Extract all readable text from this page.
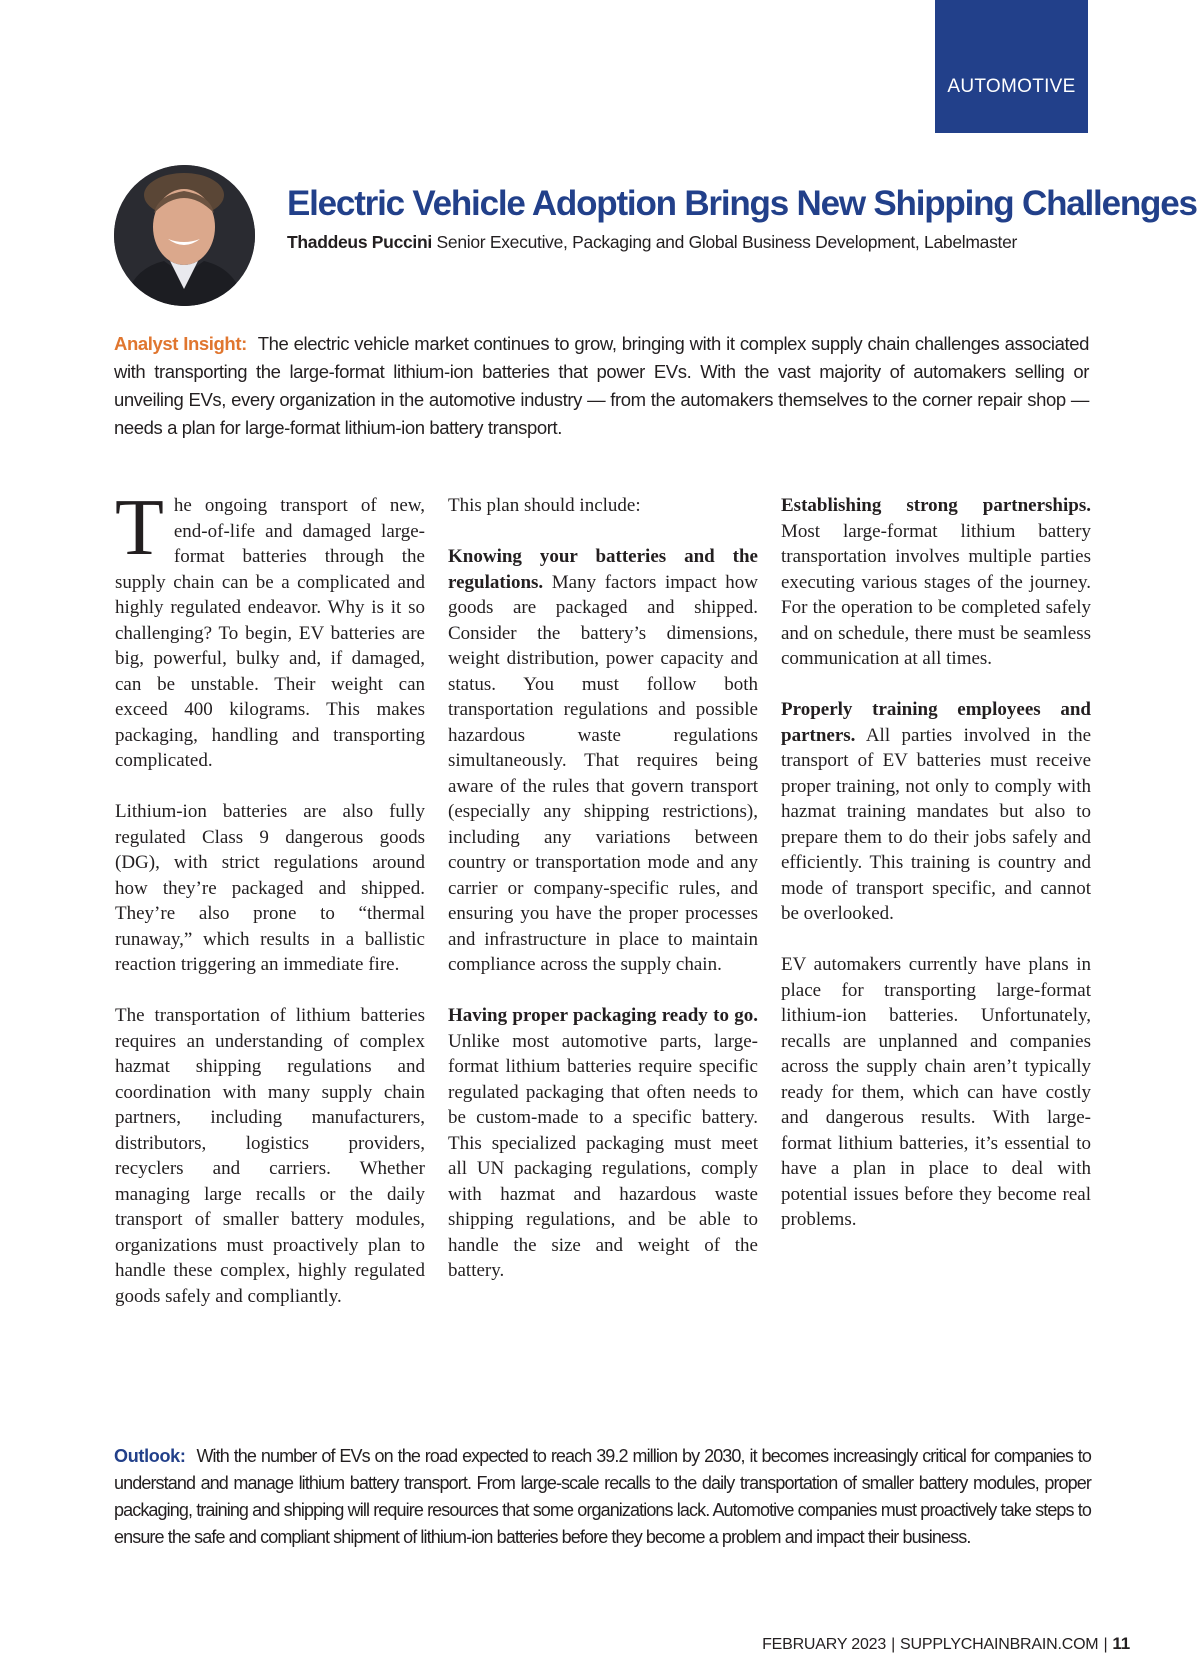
AUTOMOTIVE
Electric Vehicle Adoption Brings New Shipping Challenges
Thaddeus Puccini Senior Executive, Packaging and Global Business Development, Labelmaster
Analyst Insight: The electric vehicle market continues to grow, bringing with it complex supply chain challenges associated with transporting the large-format lithium-ion batteries that power EVs. With the vast majority of automakers selling or unveiling EVs, every organization in the automotive industry — from the automakers themselves to the corner repair shop — needs a plan for large-format lithium-ion battery transport.

The ongoing transport of new, end-of-life and damaged large-format batteries through the supply chain can be a complicated and highly regulated endeavor. Why is it so challenging? To begin, EV batteries are big, powerful, bulky and, if damaged, can be unstable. Their weight can exceed 400 kilograms. This makes packaging, handling and transporting complicated.

Lithium-ion batteries are also fully regulated Class 9 dangerous goods (DG), with strict regulations around how they’re packaged and shipped. They’re also prone to “thermal runaway,” which results in a ballistic reaction triggering an immediate fire.

The transportation of lithium batteries requires an understanding of complex hazmat shipping regulations and coordination with many supply chain partners, including manufacturers, distributors, logistics providers, recyclers and carriers. Whether managing large recalls or the daily transport of smaller battery modules, organizations must proactively plan to handle these complex, highly regulated goods safely and compliantly.

This plan should include:

Knowing your batteries and the regulations. Many factors impact how goods are packaged and shipped. Consider the battery’s dimensions, weight distribution, power capacity and status. You must follow both transportation regulations and possible hazardous waste regulations simultaneously. That requires being aware of the rules that govern transport (especially any shipping restrictions), including any variations between country or transportation mode and any carrier or company-specific rules, and ensuring you have the proper processes and infrastructure in place to maintain compliance across the supply chain.

Having proper packaging ready to go. Unlike most automotive parts, large-format lithium batteries require specific regulated packaging that often needs to be custom-made to a specific battery. This specialized packaging must meet all UN packaging regulations, comply with hazmat and hazardous waste shipping regulations, and be able to handle the size and weight of the battery.

Establishing strong partnerships. Most large-format lithium battery transportation involves multiple parties executing various stages of the journey. For the operation to be completed safely and on schedule, there must be seamless communication at all times.

Properly training employees and partners. All parties involved in the transport of EV batteries must receive proper training, not only to comply with hazmat training mandates but also to prepare them to do their jobs safely and efficiently. This training is country and mode of transport specific, and cannot be overlooked.

EV automakers currently have plans in place for transporting large-format lithium-ion batteries. Unfortunately, recalls are unplanned and companies across the supply chain aren’t typically ready for them, which can have costly and dangerous results. With large-format lithium batteries, it’s essential to have a plan in place to deal with potential issues before they become real problems.

Outlook: With the number of EVs on the road expected to reach 39.2 million by 2030, it becomes increasingly critical for companies to understand and manage lithium battery transport. From large-scale recalls to the daily transportation of smaller battery modules, proper packaging, training and shipping will require resources that some organizations lack. Automotive companies must proactively take steps to ensure the safe and compliant shipment of lithium-ion batteries before they become a problem and impact their business.
FEBRUARY 2023 | SUPPLYCHAINBRAIN.COM | 11
